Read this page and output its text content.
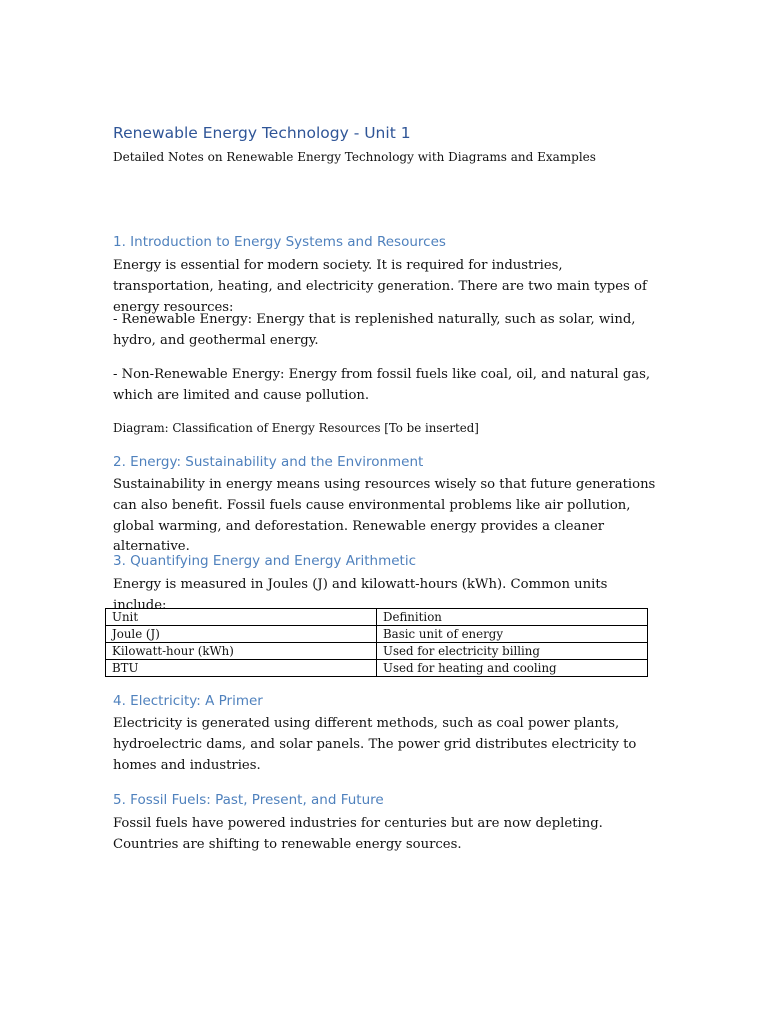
Renewable Energy Technology - Unit 1
Detailed Notes on Renewable Energy Technology with Diagrams and Examples
1. Introduction to Energy Systems and Resources

Energy is essential for modern society. It is required for industries, transportation, heating, and electricity generation. There are two main types of energy resources:

- Renewable Energy: Energy that is replenished naturally, such as solar, wind, hydro, and geothermal energy.

- Non-Renewable Energy: Energy from fossil fuels like coal, oil, and natural gas, which are limited and cause pollution.

Diagram: Classification of Energy Resources [To be inserted]

2. Energy: Sustainability and the Environment

Sustainability in energy means using resources wisely so that future generations can also benefit. Fossil fuels cause environmental problems like air pollution, global warming, and deforestation. Renewable energy provides a cleaner alternative.

3. Quantifying Energy and Energy Arithmetic

Energy is measured in Joules (J) and kilowatt-hours (kWh). Common units include:

Unit	Definition
Joule (J)	Basic unit of energy
Kilowatt-hour (kWh)	Used for electricity billing
BTU	Used for heating and cooling
4. Electricity: A Primer

Electricity is generated using different methods, such as coal power plants, hydroelectric dams, and solar panels. The power grid distributes electricity to homes and industries.

5. Fossil Fuels: Past, Present, and Future

Fossil fuels have powered industries for centuries but are now depleting. Countries are shifting to renewable energy sources.
